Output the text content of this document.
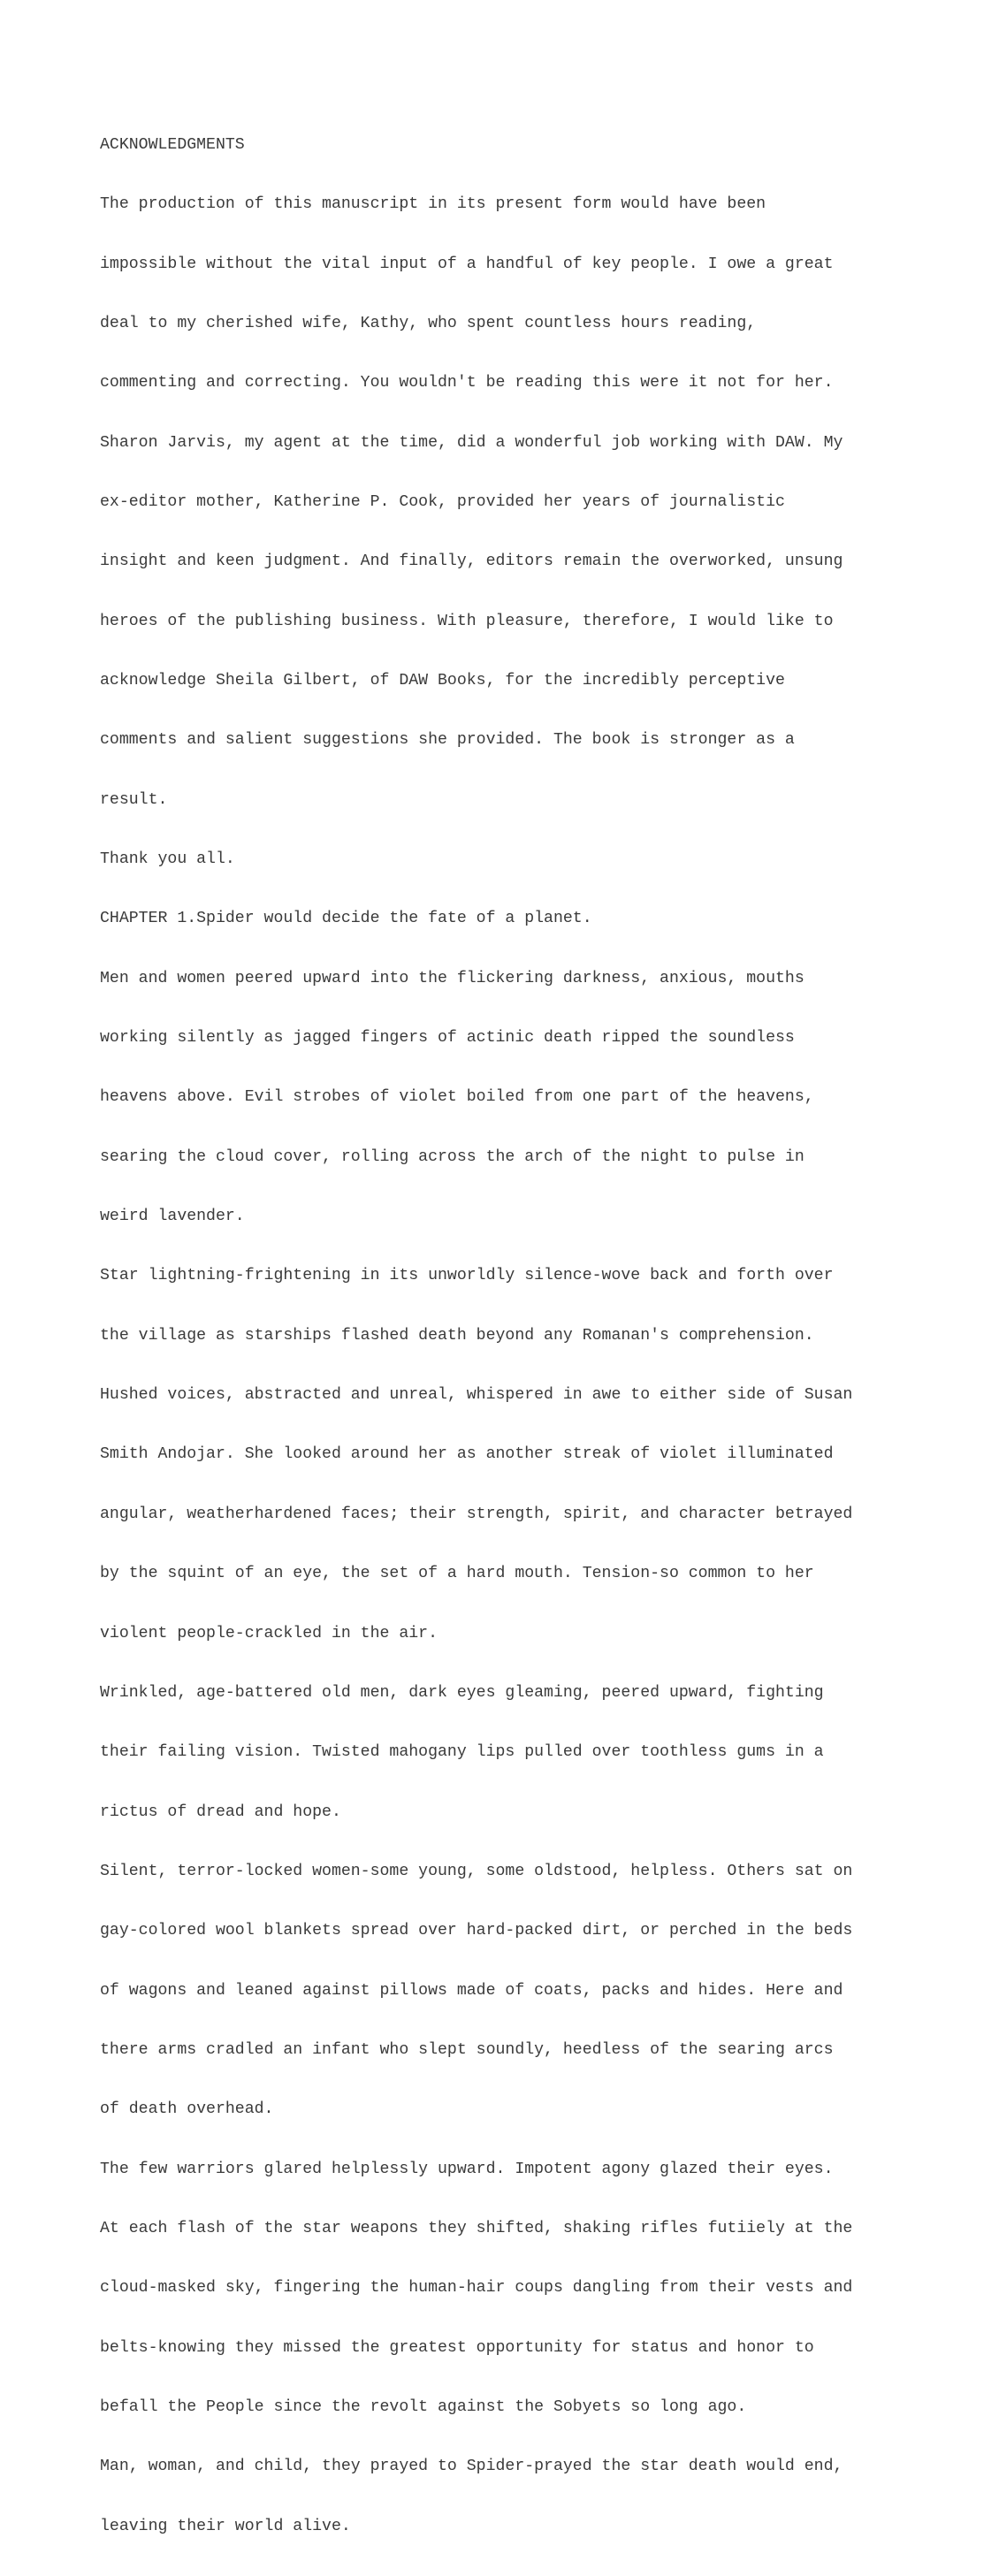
ACKNOWLEDGMENTS

The production of this manuscript in its present form would have been

impossible without the vital input of a handful of key people. I owe a great

deal to my cherished wife, Kathy, who spent countless hours reading,

commenting and correcting. You wouldn't be reading this were it not for her.

Sharon Jarvis, my agent at the time, did a wonderful job working with DAW. My

ex-editor mother, Katherine P. Cook, provided her years of journalistic

insight and keen judgment. And finally, editors remain the overworked, unsung

heroes of the publishing business. With pleasure, therefore, I would like to

acknowledge Sheila Gilbert, of DAW Books, for the incredibly perceptive

comments and salient suggestions she provided. The book is stronger as a

result.

Thank you all.

CHAPTER 1.Spider would decide the fate of a planet.

Men and women peered upward into the flickering darkness, anxious, mouths

working silently as jagged fingers of actinic death ripped the soundless

heavens above. Evil strobes of violet boiled from one part of the heavens,

searing the cloud cover, rolling across the arch of the night to pulse in

weird lavender.

Star lightning-frightening in its unworldly silence-wove back and forth over

the village as starships flashed death beyond any Romanan's comprehension.

Hushed voices, abstracted and unreal, whispered in awe to either side of Susan

Smith Andojar. She looked around her as another streak of violet illuminated

angular, weatherhardened faces; their strength, spirit, and character betrayed

by the squint of an eye, the set of a hard mouth. Tension-so common to her

violent people-crackled in the air.

Wrinkled, age-battered old men, dark eyes gleaming, peered upward, fighting

their failing vision. Twisted mahogany lips pulled over toothless gums in a

rictus of dread and hope.

Silent, terror-locked women-some young, some oldstood, helpless. Others sat on

gay-colored wool blankets spread over hard-packed dirt, or perched in the beds

of wagons and leaned against pillows made of coats, packs and hides. Here and

there arms cradled an infant who slept soundly, heedless of the searing arcs

of death overhead.

The few warriors glared helplessly upward. Impotent agony glazed their eyes.

At each flash of the star weapons they shifted, shaking rifles futiiely at the

cloud-masked sky, fingering the human-hair coups dangling from their vests and

belts-knowing they missed the greatest opportunity for status and honor to

befall the People since the revolt against the Sobyets so long ago.

Man, woman, and child, they prayed to Spider-prayed the star death would end,

leaving their world alive.
